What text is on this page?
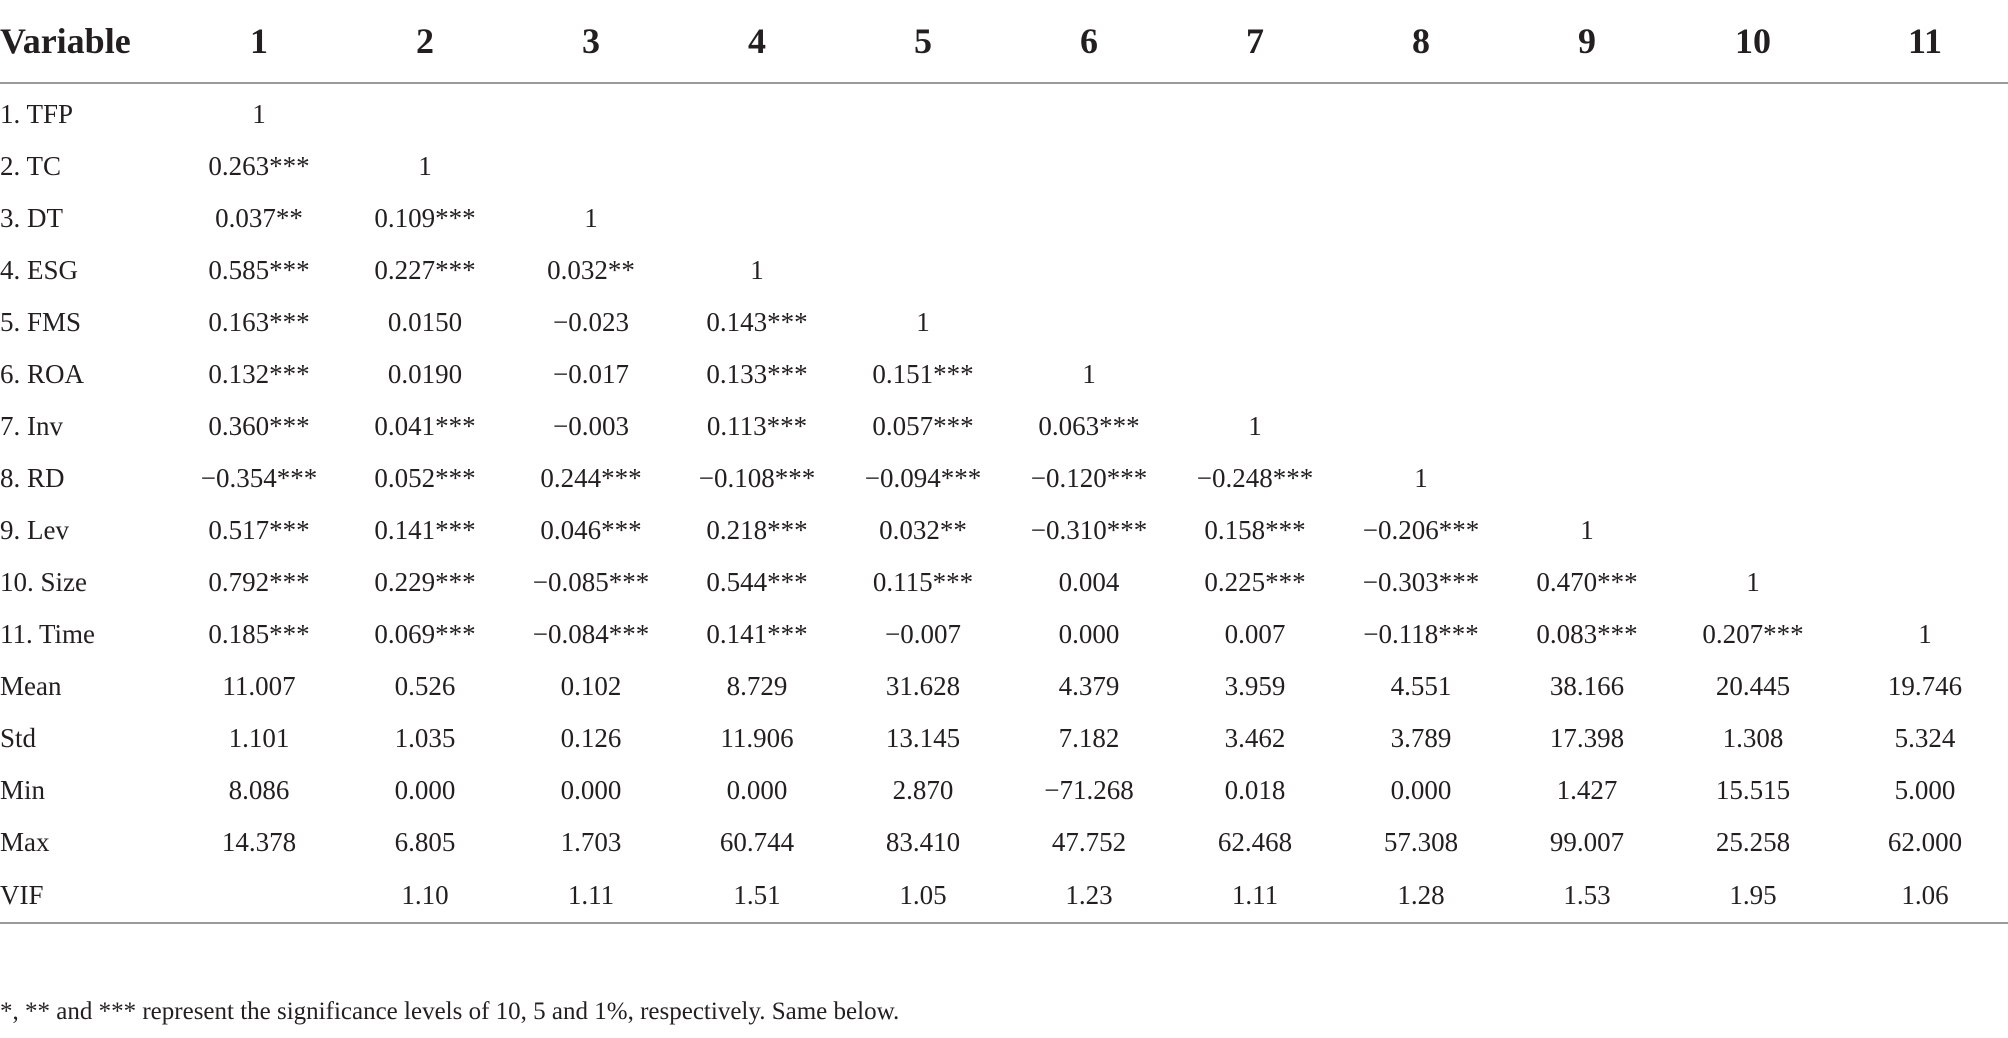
Variable	1	2	3	4	5	6	7	8	9	10	11
1. TFP	1										
2. TC	0.263***	1									
3. DT	0.037**	0.109***	1								
4. ESG	0.585***	0.227***	0.032**	1							
5. FMS	0.163***	0.0150	−0.023	0.143***	1						
6. ROA	0.132***	0.0190	−0.017	0.133***	0.151***	1					
7. Inv	0.360***	0.041***	−0.003	0.113***	0.057***	0.063***	1				
8. RD	−0.354***	0.052***	0.244***	−0.108***	−0.094***	−0.120***	−0.248***	1			
9. Lev	0.517***	0.141***	0.046***	0.218***	0.032**	−0.310***	0.158***	−0.206***	1		
10. Size	0.792***	0.229***	−0.085***	0.544***	0.115***	0.004	0.225***	−0.303***	0.470***	1	
11. Time	0.185***	0.069***	−0.084***	0.141***	−0.007	0.000	0.007	−0.118***	0.083***	0.207***	1
Mean	11.007	0.526	0.102	8.729	31.628	4.379	3.959	4.551	38.166	20.445	19.746
Std	1.101	1.035	0.126	11.906	13.145	7.182	3.462	3.789	17.398	1.308	5.324
Min	8.086	0.000	0.000	0.000	2.870	−71.268	0.018	0.000	1.427	15.515	5.000
Max	14.378	6.805	1.703	60.744	83.410	47.752	62.468	57.308	99.007	25.258	62.000
VIF		1.10	1.11	1.51	1.05	1.23	1.11	1.28	1.53	1.95	1.06
*, ** and *** represent the significance levels of 10, 5 and 1%, respectively. Same below.
